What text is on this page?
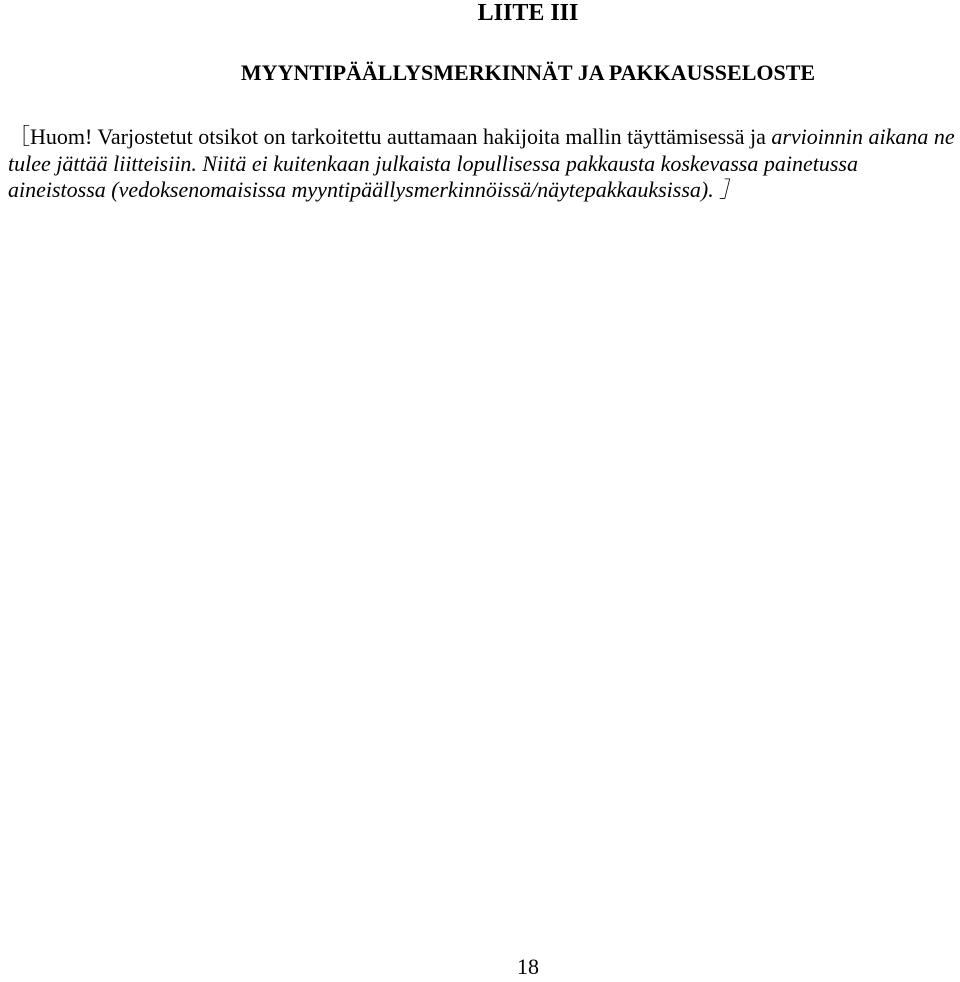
LIITE III
MYYNTIPÄÄLLYSMERKINNÄT JA PAKKAUSSELOSTE

［Huom! Varjostetut otsikot on tarkoitettu auttamaan hakijoita mallin täyttämisessä ja arvioinnin aikana ne tulee jättää liitteisiin. Niitä ei kuitenkaan julkaista lopullisessa pakkausta koskevassa painetussa aineistossa (vedoksenomaisissa myyntipäällysmerkinnöissä/näytepakkauksissa). ］

18
